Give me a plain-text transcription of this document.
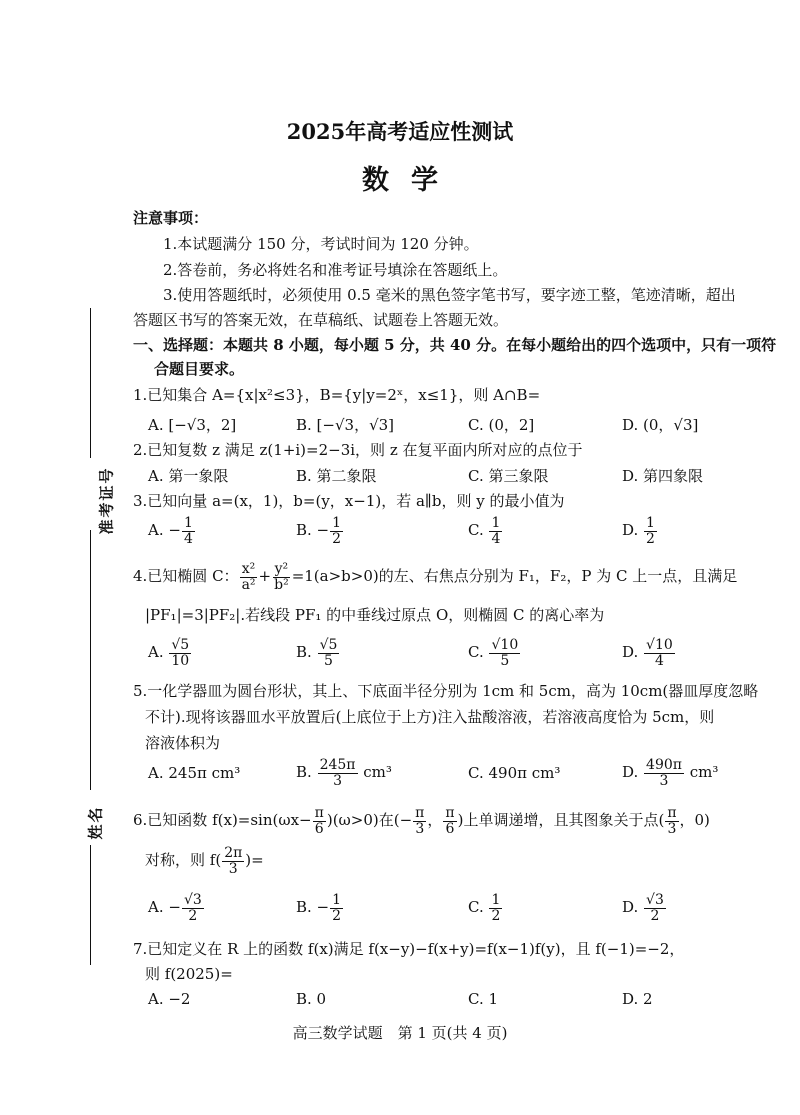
准考证号
姓名
2025年高考适应性测试
数学
注意事项：
1.本试题满分 150 分，考试时间为 120 分钟。
2.答卷前，务必将姓名和准考证号填涂在答题纸上。
3.使用答题纸时，必须使用 0.5 毫米的黑色签字笔书写，要字迹工整，笔迹清晰，超出
答题区书写的答案无效，在草稿纸、试题卷上答题无效。
一、选择题：本题共 8 小题，每小题 5 分，共 40 分。在每小题给出的四个选项中，只有一项符
合题目要求。
1.已知集合 A={x|x²≤3}，B={y|y=2ˣ，x≤1}，则 A∩B=
A. [−√3，2]	B. [−√3，√3]	C. (0，2]	D. (0，√3]
2.已知复数 z 满足 z(1+i)=2−3i，则 z 在复平面内所对应的点位于
A. 第一象限	B. 第二象限	C. 第三象限	D. 第四象限
3.已知向量 a=(x，1)，b=(y，x−1)，若 a∥b，则 y 的最小值为
A. − $\frac{1}{4}$	B. − $\frac{1}{2}$	C. $\frac{1}{4}$	D. $\frac{1}{2}$
4.已知椭圆 C： $\frac{\text{x²}}{\text{a²}} + \frac{\text{y²}}{\text{b²}} =1(a>b>0)$的左、右焦点分别为 F₁，F₂，P 为 C 上一点，且满足
|PF₁|=3|PF₂|.若线段 PF₁ 的中垂线过原点 O，则椭圆 C 的离心率为
A. $\frac{√5}{10}$	B. $\frac{√5}{5}$	C. $\frac{√10}{5}$	D. $\frac{√10}{4}$
5.一化学器皿为圆台形状，其上、下底面半径分别为 1cm 和 5cm，高为 10cm(器皿厚度忽略
不计).现将该器皿水平放置后(上底位于上方)注入盐酸溶液，若溶液高度恰为 5cm，则
溶液体积为
A. 245π cm³	B. $\frac{245\pi}{3} cm^3$	C. 490π cm³	D. $\frac{490\pi}{3} cm^3$
6.已知函数 $f(x)=\sin(\omega x- \frac{\pi}{6} )(\omega>0)$在(− $\frac{\pi}{3}$ ， $\frac{\pi}{6}$ )上单调递增，且其图象关于点( $\frac{\pi}{3}$ ，0)
对称，则 $f( \frac{2\pi}{3}$ )=
A. − $\frac{√3}{2}$	B. − $\frac{1}{2}$	C. $\frac{1}{2}$	D. $\frac{√3}{2}$
7.已知定义在 R 上的函数 f(x)满足 f(x−y)−f(x+y)=f(x−1)f(y)，且 f(−1)=−2，
则 f(2025)=
A. −2	B. 0	C. 1	D. 2
高三数学试题　第 1 页(共 4 页)
